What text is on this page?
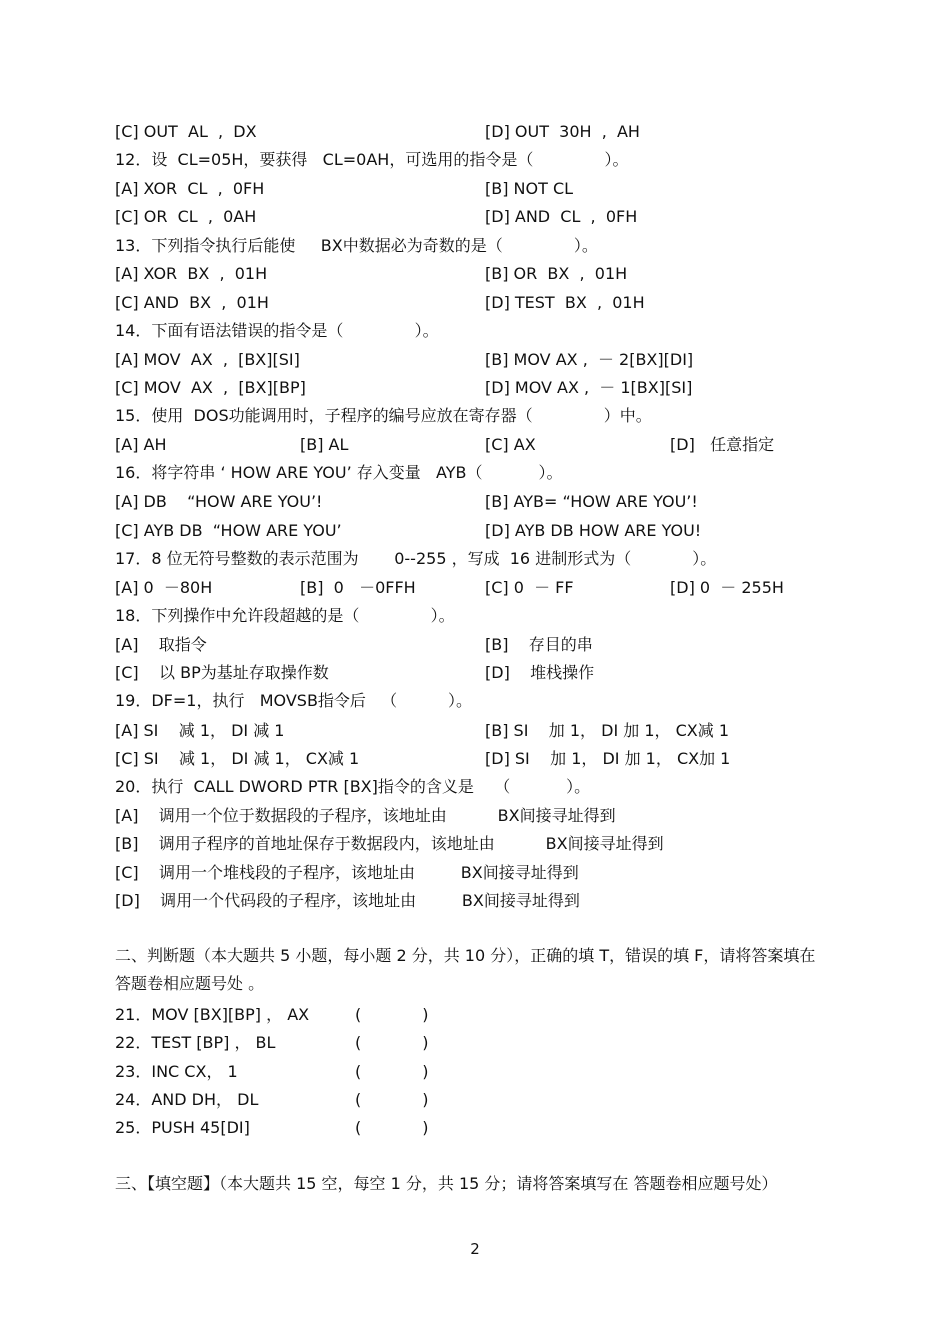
[C] OUT  AL  ,  DX	[D] OUT  30H  ,  AH
12．设  CL=05H，要获得   CL=0AH，可选用的指令是（              ）。
[A] XOR  CL  ,  0FH	[B] NOT CL
[C] OR  CL  ,  0AH	[D] AND  CL  ,  0FH
13．下列指令执行后能使     BX中数据必为奇数的是（              ）。
[A] XOR  BX  ,  01H	[B] OR  BX  ,  01H
[C] AND  BX  ,  01H	[D] TEST  BX  ,  01H
14．下面有语法错误的指令是（              ）。
[A] MOV  AX  ,  [BX][SI]	[B] MOV AX ,  － 2[BX][DI]
[C] MOV  AX  ,  [BX][BP]	[D] MOV AX ,  － 1[BX][SI]
15．使用  DOS功能调用时，子程序的编号应放在寄存器（              ）中。
[A] AH	[B] AL	[C] AX	[D]   任意指定
16．将字符串 ‘ HOW ARE YOU’ 存入变量   AYB（           ）。
[A] DB    “HOW ARE YOU’!	[B] AYB= “HOW ARE YOU’!
[C] AYB DB  “HOW ARE YOU’	[D] AYB DB HOW ARE YOU!
17．8 位无符号整数的表示范围为       0--255 ，写成  16 进制形式为（            ）。
[A] 0  －80H	[B]  0   －0FFH	[C] 0  － FF	[D] 0  － 255H
18．下列操作中允许段超越的是（              ）。
[A]    取指令	[B]    存目的串
[C]    以 BP为基址存取操作数	[D]    堆栈操作
19．DF=1，执行   MOVSB指令后   （          ）。
[A] SI    减 1， DI 减 1	[B] SI    加 1， DI 加 1， CX减 1
[C] SI    减 1， DI 减 1， CX减 1	[D] SI    加 1， DI 加 1， CX加 1
20．执行  CALL DWORD PTR [BX]指令的含义是    （           ）。
[A]    调用一个位于数据段的子程序，该地址由          BX间接寻址得到
[B]    调用子程序的首地址保存于数据段内，该地址由          BX间接寻址得到
[C]    调用一个堆栈段的子程序，该地址由         BX间接寻址得到
[D]    调用一个代码段的子程序，该地址由         BX间接寻址得到
二、判断题（本大题共 5 小题，每小题 2 分，共 10 分），正确的填 T，错误的填 F，请将答案填在 答题卷相应题号处 。
21．MOV [BX][BP] ， AX	(            )
22．TEST [BP] ， BL	(            )
23．INC CX， 1	(            )
24．AND DH， DL	(            )
25．PUSH 45[DI]	(            )
三、【填空题】（本大题共 15 空，每空 1 分，共 15 分；请将答案填写在 答题卷相应题号处）
2
